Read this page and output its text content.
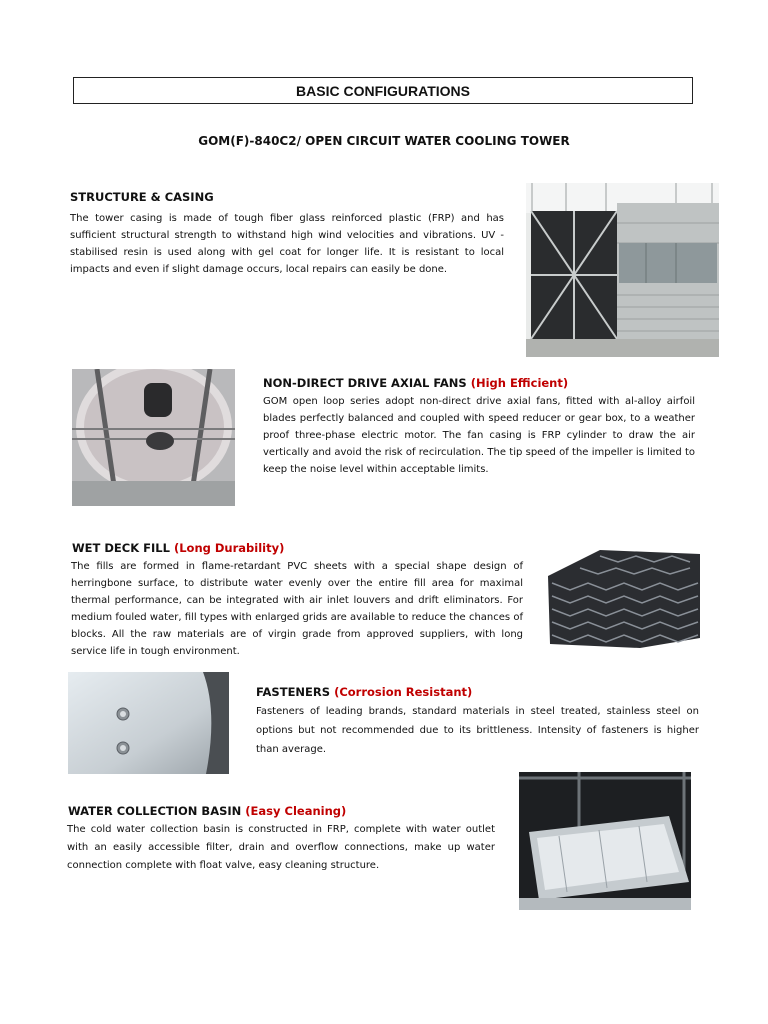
BASIC CONFIGURATIONS
GOM(F)-840C2/ OPEN CIRCUIT WATER COOLING TOWER
STRUCTURE & CASING
The tower casing is made of tough fiber glass reinforced plastic (FRP) and has sufficient structural strength to withstand high wind velocities and vibrations. UV - stabilised resin is used along with gel coat for longer life. It is resistant to local impacts and even if slight damage occurs, local repairs can easily be done.
NON-DIRECT DRIVE AXIAL FANS (High Efficient)
GOM open loop series adopt non-direct drive axial fans, fitted with al-alloy airfoil blades perfectly balanced and coupled with speed reducer or gear box, to a weather proof three-phase electric motor. The fan casing is FRP cylinder to draw the air vertically and avoid the risk of recirculation. The tip speed of the impeller is limited to keep the noise level within acceptable limits.
WET DECK FILL (Long Durability)
The fills are formed in flame-retardant PVC sheets with a special shape design of herringbone surface, to distribute water evenly over the entire fill area for maximal thermal performance, can be integrated with air inlet louvers and drift eliminators. For medium fouled water, fill types with enlarged grids are available to reduce the chances of blocks. All the raw materials are of virgin grade from approved suppliers, with long service life in tough environment.
FASTENERS (Corrosion Resistant)
Fasteners of leading brands, standard materials in steel treated, stainless steel on options but not recommended due to its brittleness. Intensity of fasteners is higher than average.
WATER COLLECTION BASIN (Easy Cleaning)
The cold water collection basin is constructed in FRP, complete with water outlet with an easily accessible filter, drain and overflow connections, make up water connection complete with float valve, easy cleaning structure.
